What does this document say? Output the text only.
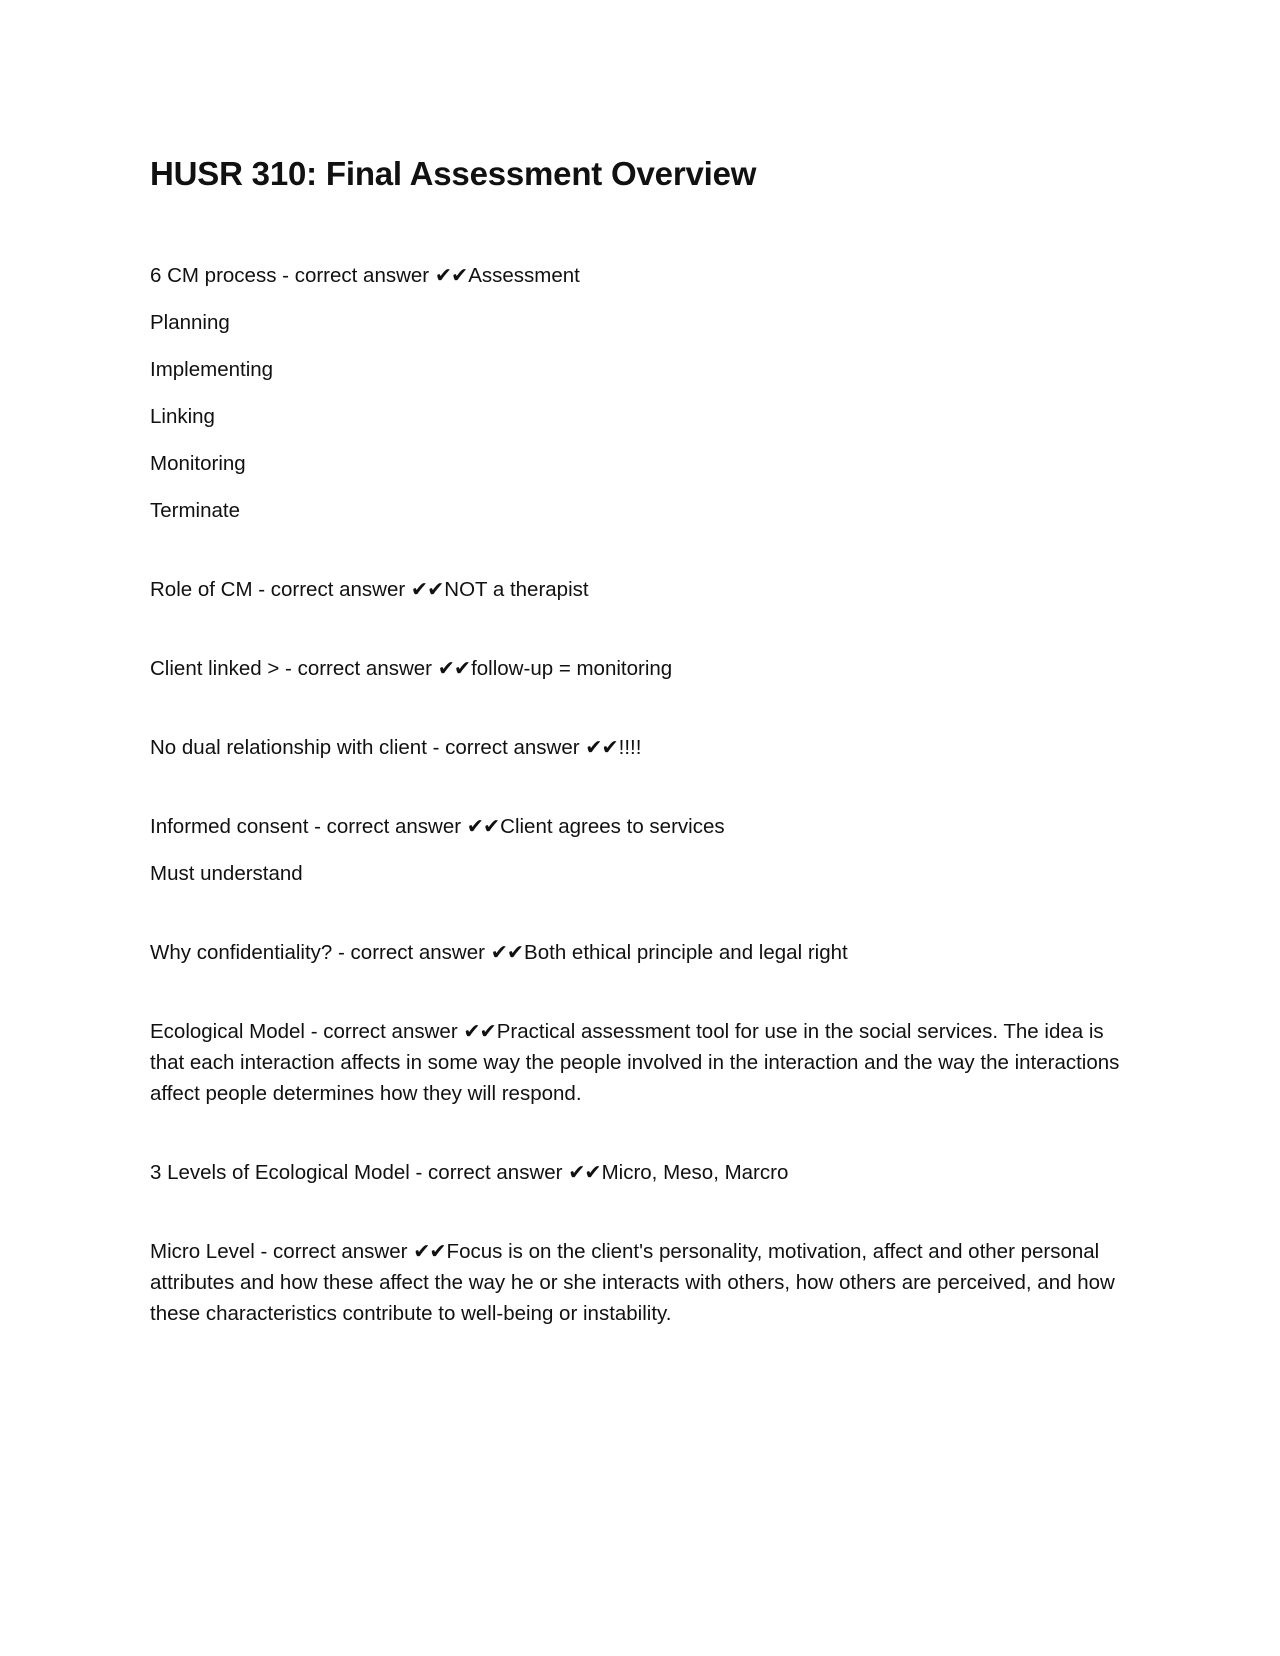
HUSR 310: Final Assessment Overview

6 CM process - correct answer ✔✔Assessment

Planning

Implementing

Linking

Monitoring

Terminate

Role of CM - correct answer ✔✔NOT a therapist

Client linked > - correct answer ✔✔follow-up = monitoring

No dual relationship with client - correct answer ✔✔!!!!

Informed consent - correct answer ✔✔Client agrees to services

Must understand

Why confidentiality? - correct answer ✔✔Both ethical principle and legal right

Ecological Model - correct answer ✔✔Practical assessment tool for use in the social services. The idea is that each interaction affects in some way the people involved in the interaction and the way the interactions affect people determines how they will respond.

3 Levels of Ecological Model - correct answer ✔✔Micro, Meso, Marcro

Micro Level - correct answer ✔✔Focus is on the client's personality, motivation, affect and other personal attributes and how these affect the way he or she interacts with others, how others are perceived, and how these characteristics contribute to well-being or instability.
